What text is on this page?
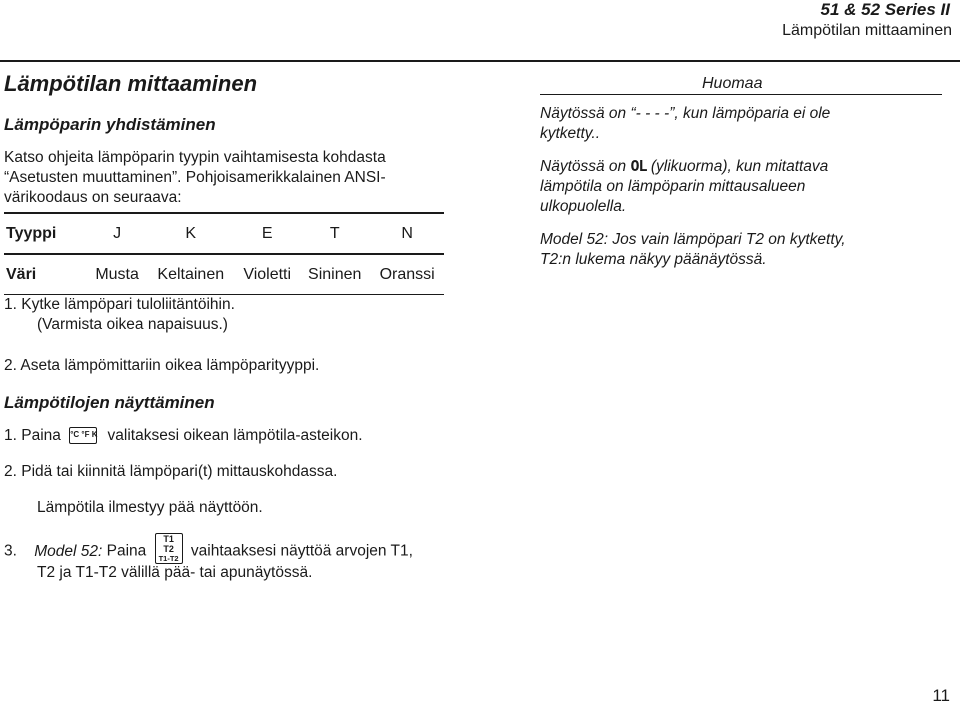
51 & 52 Series II
Lämpötilan mittaaminen
Lämpötilan mittaaminen
Lämpöparin yhdistäminen
Katso ohjeita lämpöparin tyypin vaihtamisesta kohdasta
“Asetusten muuttaminen”. Pohjoisamerikkalainen ANSI-
värikoodaus on seuraava:
Tyyppi	J	K	E	T	N
Väri	Musta	Keltainen	Violetti	Sininen	Oranssi
1. Kytke lämpöpari tuloliitäntöihin.
(Varmista oikea napaisuus.)
2. Aseta lämpömittariin oikea lämpöparityyppi.
Lämpötilojen näyttäminen
1. Paina °C °F K valitaksesi oikean lämpötila-asteikon.
2. Pidä tai kiinnitä lämpöpari(t) mittauskohdassa.
Lämpötila ilmestyy pää näyttöön.
3. Model 52: Paina
T1
T2
T1-T2 vaihtaaksesi näyttöä arvojen T1,
T2 ja T1-T2 välillä pää- tai apunäytössä.
Huomaa
Näytössä on “- - - -”, kun lämpöparia ei ole
kytketty..
Näytössä on OL (ylikuorma), kun mitattava
lämpötila on lämpöparin mittausalueen
ulkopuolella.
Model 52: Jos vain lämpöpari T2 on kytketty,
T2:n lukema näkyy päänäytössä.
11
